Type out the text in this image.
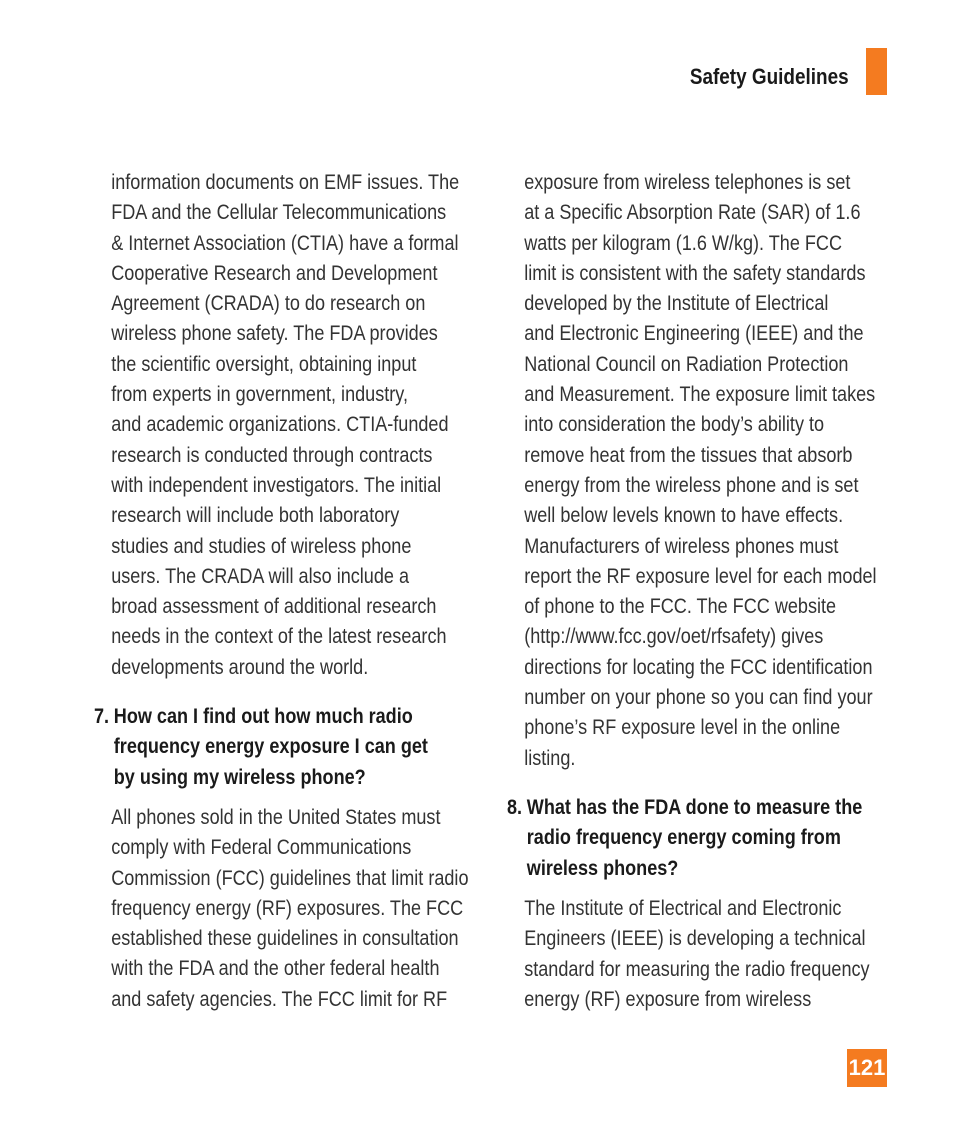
Safety Guidelines

information documents on EMF issues. The
FDA and the Cellular Telecommunications
& Internet Association (CTIA) have a formal
Cooperative Research and Development
Agreement (CRADA) to do research on
wireless phone safety. The FDA provides
the scientific oversight, obtaining input
from experts in government, industry,
and academic organizations. CTIA-funded
research is conducted through contracts
with independent investigators. The initial
research will include both laboratory
studies and studies of wireless phone
users. The CRADA will also include a
broad assessment of additional research
needs in the context of the latest research
developments around the world.

7. How can I find out how much radio
frequency energy exposure I can get
by using my wireless phone?

All phones sold in the United States must
comply with Federal Communications
Commission (FCC) guidelines that limit radio
frequency energy (RF) exposures. The FCC
established these guidelines in consultation
with the FDA and the other federal health
and safety agencies. The FCC limit for RF

exposure from wireless telephones is set
at a Specific Absorption Rate (SAR) of 1.6
watts per kilogram (1.6 W/kg). The FCC
limit is consistent with the safety standards
developed by the Institute of Electrical
and Electronic Engineering (IEEE) and the
National Council on Radiation Protection
and Measurement. The exposure limit takes
into consideration the body’s ability to
remove heat from the tissues that absorb
energy from the wireless phone and is set
well below levels known to have effects.
Manufacturers of wireless phones must
report the RF exposure level for each model
of phone to the FCC. The FCC website
(http://www.fcc.gov/oet/rfsafety) gives
directions for locating the FCC identification
number on your phone so you can find your
phone’s RF exposure level in the online
listing.

8. What has the FDA done to measure the
radio frequency energy coming from
wireless phones?

The Institute of Electrical and Electronic
Engineers (IEEE) is developing a technical
standard for measuring the radio frequency
energy (RF) exposure from wireless

121
